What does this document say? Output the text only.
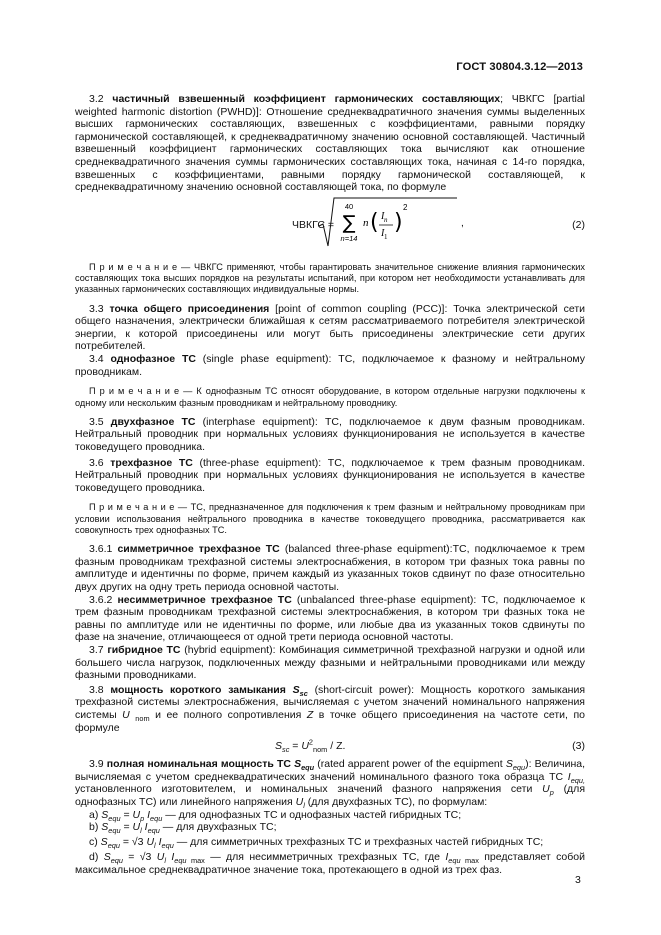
ГОСТ 30804.3.12—2013

3.2 частичный взвешенный коэффициент гармонических составляющих; ЧВКГС [partial weighted harmonic distortion (PWHD)]: Отношение среднеквадратичного значения суммы выделенных высших гармонических составляющих, взвешенных с коэффициентами, равными порядку гармонической составляющей, к среднеквадратичному значению основной составляющей. Частичный взвешенный коэффициент гармонических составляющих тока вычисляют как отношение среднеквадратичного значения суммы гармонических составляющих тока, начиная с 14-го порядка, взвешенных с коэффициентами, равными порядку гармонической составляющей, к среднеквадратичному значению основной составляющей тока, по формуле

ЧВКГС =
40
∑
n=14
n ( I n
I 1
)
2
,	(2)

П р и м е ч а н и е — ЧВКГС применяют, чтобы гарантировать значительное снижение влияния гармонических составляющих тока высших порядков на результаты испытаний, при котором нет необходимости устанавливать для указанных гармонических составляющих индивидуальные нормы.

3.3 точка общего присоединения [point of common coupling (PCC)]: Точка электрической сети общего назначения, электрически ближайшая к сетям рассматриваемого потребителя электрической энергии, к которой присоединены или могут быть присоединены электрические сети других потребителей.

3.4 однофазное ТС (single phase equipment): ТС, подключаемое к фазному и нейтральному проводникам.

П р и м е ч а н и е — К однофазным ТС относят оборудование, в котором отдельные нагрузки подключены к одному или нескольким фазным проводникам и нейтральному проводнику.

3.5 двухфазное ТС (interphase equipment): ТС, подключаемое к двум фазным проводникам. Нейтральный проводник при нормальных условиях функционирования не используется в качестве токоведущего проводника.

3.6 трехфазное ТС (three-phase equipment): ТС, подключаемое к трем фазным проводникам. Нейтральный проводник при нормальных условиях функционирования не используется в качестве токоведущего проводника.

П р и м е ч а н и е — ТС, предназначенное для подключения к трем фазным и нейтральному проводникам при условии использования нейтрального проводника в качестве токоведущего проводника, рассматривается как совокупность трех однофазных ТС.

3.6.1 симметричное трехфазное ТС (balanced three-phase equipment):ТС, подключаемое к трем фазным проводникам трехфазной системы электроснабжения, в котором три фазных тока равны по амплитуде и идентичны по форме, причем каждый из указанных токов сдвинут по фазе относительно двух других на одну треть периода основной частоты.

3.6.2 несимметричное трехфазное ТС (unbalanced three-phase equipment): ТС, подключаемое к трем фазным проводникам трехфазной системы электроснабжения, в котором три фазных тока не равны по амплитуде или не идентичны по форме, или любые два из указанных токов сдвинуты по фазе на значение, отличающееся от одной трети периода основной частоты.

3.7 гибридное ТС (hybrid equipment): Комбинация симметричной трехфазной нагрузки и одной или большего числа нагрузок, подключенных между фазными и нейтральными проводниками или между фазными проводниками.

3.8 мощность короткого замыкания $S_{sc}$ (short-circuit power): Мощность короткого замыкания трехфазной системы электроснабжения, вычисляемая с учетом значений номинального напряжения системы U $_{nom}$ и ее полного сопротивления Z в точке общего присоединения на частоте сети, по формуле

$S_{sc} = U^2_{nom} / Z$.	(3)

3.9 полная номинальная мощность ТС $S_{equ}$ (rated apparent power of the equipment $S_{equ}$): Величина, вычисляемая с учетом среднеквадратических значений номинального фазного тока образца ТС $I_{equ,}$ установленного изготовителем, и номинальных значений фазного напряжения сети $U_p$ (для однофазных ТС) или линейного напряжения $U_l$ (для двухфазных ТС), по формулам:

a) $S_{equ} = U_p$ $I_{equ}$ — для однофазных ТС и однофазных частей гибридных ТС;

b) $S_{equ} = U_l$ $I_{equ}$ — для двухфазных ТС;

c) $S_{equ} = √3$ $U_l$ $I_{equ}$ — для симметричных трехфазных ТС и трехфазных частей гибридных ТС;

d) $S_{equ} = √3$ $U_l$ $I_{equ max}$ — для несимметричных трехфазных ТС, где $I_{equ max}$ представляет собой максимальное среднеквадратичное значение тока, протекающего в одной из трех фаз.

3
